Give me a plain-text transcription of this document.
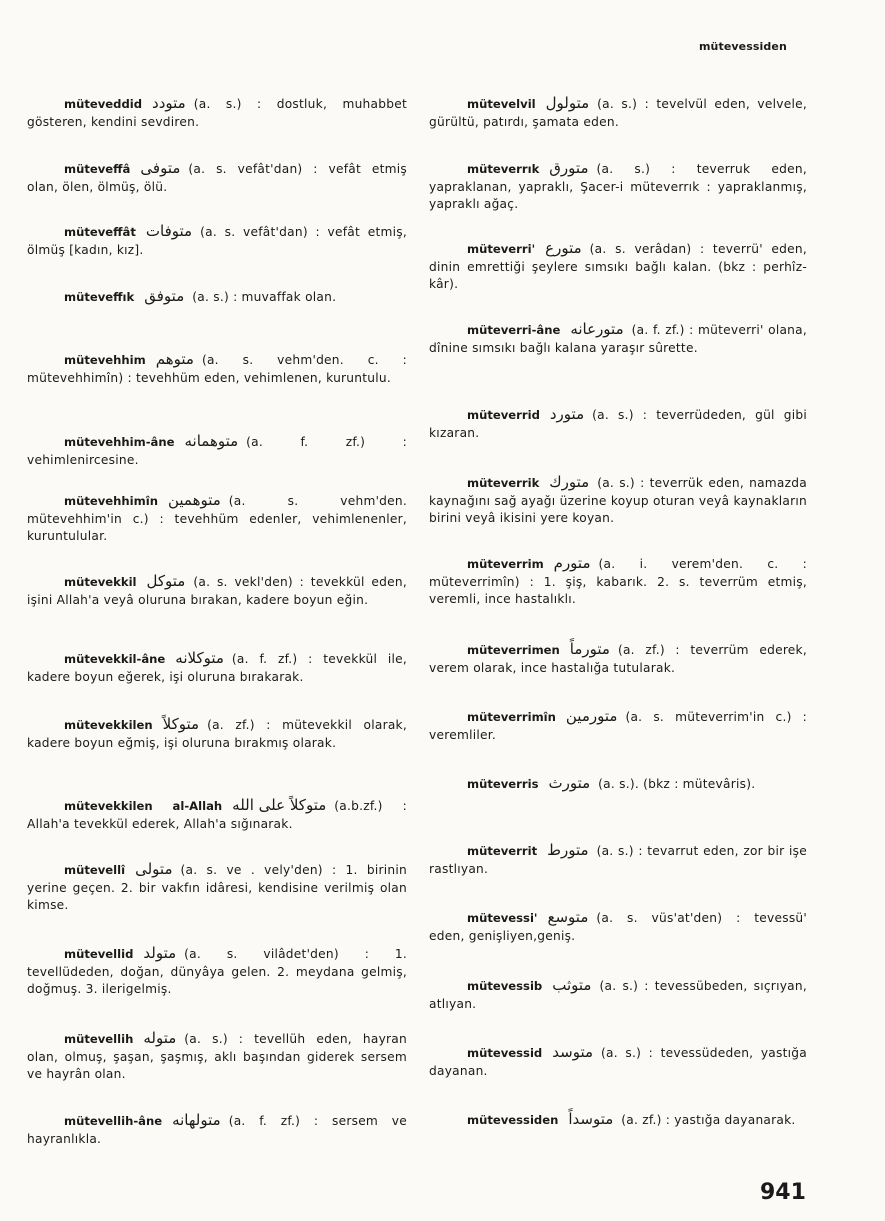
mütevessiden
müteveddid متودد (a. s.) : dostluk, muhabbet gösteren, kendini sevdiren.
müteveffâ متوفى (a. s. vefât'dan) : vefât etmiş olan, ölen, ölmüş, ölü.
müteveffât متوفات (a. s. vefât'dan) : vefât etmiş, ölmüş [kadın, kız].
müteveffık متوفق (a. s.) : muvaffak olan.
mütevehhim متوهم (a. s. vehm'den. c. : mütevehhimîn) : tevehhüm eden, vehimlenen, kuruntulu.
mütevehhim-âne متوهمانه (a. f. zf.) : vehimlenircesine.
mütevehhimîn متوهمين (a. s. vehm'den. mütevehhim'in c.) : tevehhüm edenler, vehimlenenler, kuruntulular.
mütevekkil متوكل (a. s. vekl'den) : tevekkül eden, işini Allah'a veyâ oluruna bırakan, kadere boyun eğin.
mütevekkil-âne متوكلانه (a. f. zf.) : tevekkül ile, kadere boyun eğerek, işi oluruna bırakarak.
mütevekkilen متوكلاً (a. zf.) : mütevekkil olarak, kadere boyun eğmiş, işi oluruna bırakmış olarak.
mütevekkilen al-Allah متوكلاً على الله (a.b.zf.) : Allah'a tevekkül ederek, Allah'a sığınarak.
mütevellî متولى (a. s. ve . vely'den) : 1. birinin yerine geçen. 2. bir vakfın idâresi, kendisine verilmiş olan kimse.
mütevellid متولد (a. s. vilâdet'den) : 1. tevellüdeden, doğan, dünyâya gelen. 2. meydana gelmiş, doğmuş. 3. ilerigelmiş.
mütevellih متوله (a. s.) : tevellüh eden, hayran olan, olmuş, şaşan, şaşmış, aklı başından giderek sersem ve hayrân olan.
mütevellih-âne متولهانه (a. f. zf.) : sersem ve hayranlıkla.
mütevelvil متولول (a. s.) : tevelvül eden, velvele, gürültü, patırdı, şamata eden.
müteverrık متورق (a. s.) : teverruk eden, yapraklanan, yapraklı, Şacer-i müteverrık : yapraklanmış, yapraklı ağaç.
müteverri' متورع (a. s. verâdan) : teverrü' eden, dinin emrettiği şeylere sımsıkı bağlı kalan. (bkz : perhîz-kâr).
müteverri-âne متورعانه (a. f. zf.) : müteverri' olana, dînine sımsıkı bağlı kalana yaraşır sûrette.
müteverrid متورد (a. s.) : teverrüdeden, gül gibi kızaran.
müteverrik متورك (a. s.) : teverrük eden, namazda kaynağını sağ ayağı üzerine koyup oturan veyâ kaynakların birini veyâ ikisini yere koyan.
müteverrim متورم (a. i. verem'den. c. : müteverrimîn) : 1. şiş, kabarık. 2. s. teverrüm etmiş, veremli, ince hastalıklı.
müteverrimen متورماً (a. zf.) : teverrüm ederek, verem olarak, ince hastalığa tutularak.
müteverrimîn متورمين (a. s. müteverrim'in c.) : veremliler.
müteverris متورث (a. s.). (bkz : mütevâris).
müteverrit متورط (a. s.) : tevarrut eden, zor bir işe rastlıyan.
mütevessi' متوسع (a. s. vüs'at'den) : tevessü' eden, genişliyen,geniş.
mütevessib متوثب (a. s.) : tevessübeden, sıçrıyan, atlıyan.
mütevessid متوسد (a. s.) : tevessüdeden, yastığa dayanan.
mütevessiden متوسداً (a. zf.) : yastığa dayanarak.
941
